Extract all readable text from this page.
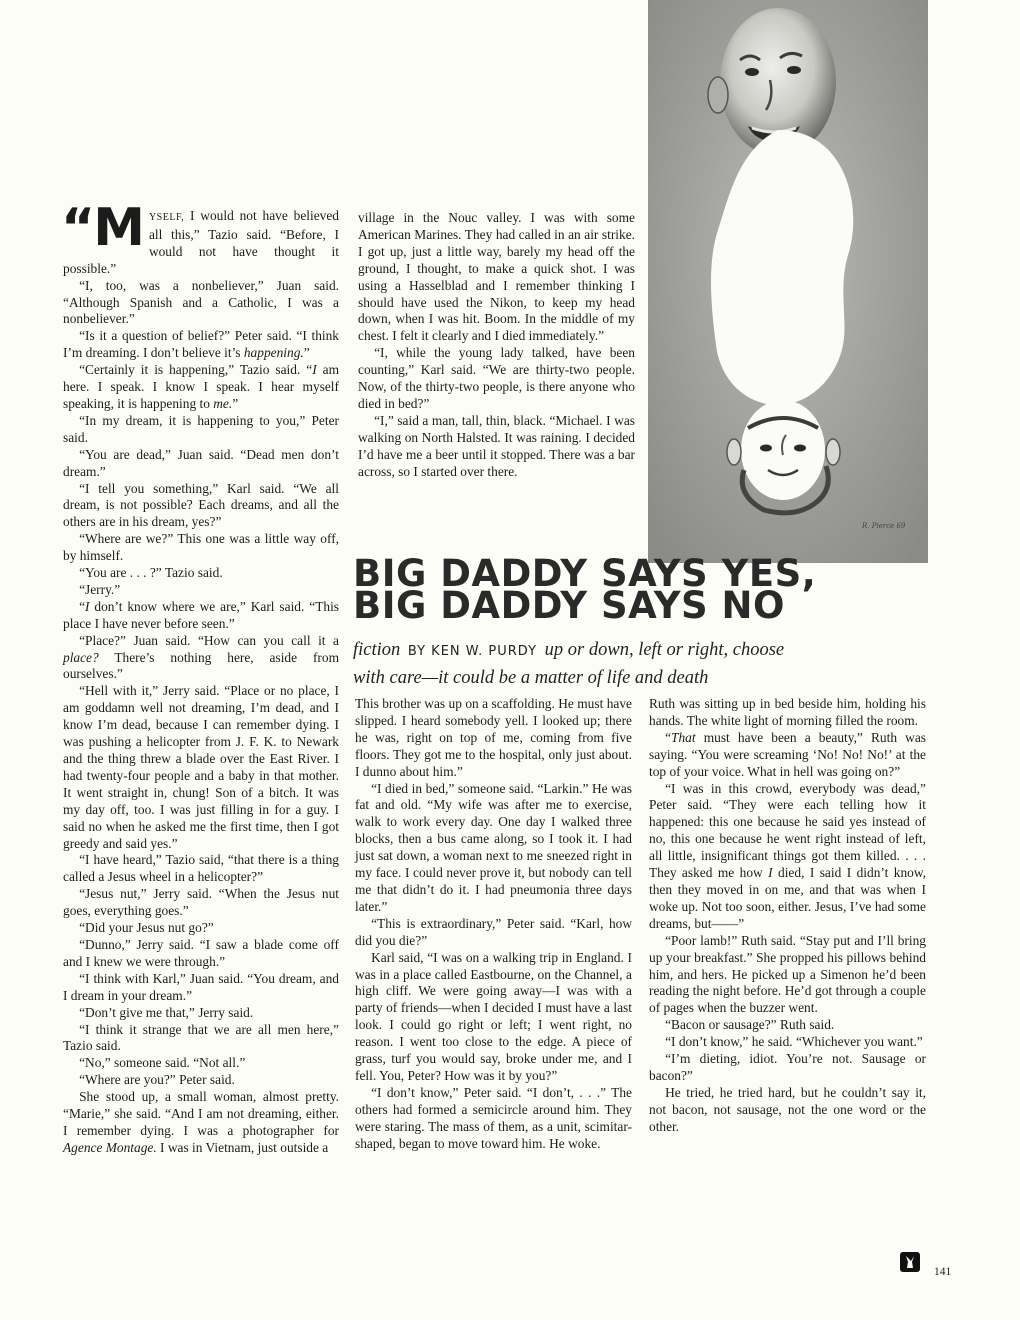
R. Pierce 69

“M YSELF, I would not have believed all this,” Tazio said. “Before, I would not have thought it possible.”

“I, too, was a nonbeliever,” Juan said. “Although Spanish and a Catholic, I was a nonbeliever.”

“Is it a question of belief?” Peter said. “I think I’m dreaming. I don’t believe it’s happening.”

“Certainly it is happening,” Tazio said. “I am here. I speak. I know I speak. I hear myself speaking, it is happening to me.”

“In my dream, it is happening to you,” Peter said.

“You are dead,” Juan said. “Dead men don’t dream.”

“I tell you something,” Karl said. “We all dream, is not possible? Each dreams, and all the others are in his dream, yes?”

“Where are we?” This one was a little way off, by himself.

“You are . . . ?” Tazio said.

“Jerry.”

“I don’t know where we are,” Karl said. “This place I have never before seen.”

“Place?” Juan said. “How can you call it a place? There’s nothing here, aside from ourselves.”

“Hell with it,” Jerry said. “Place or no place, I am goddamn well not dreaming, I’m dead, and I know I’m dead, because I can remember dying. I was pushing a helicopter from J. F. K. to Newark and the thing threw a blade over the East River. I had twenty-four people and a baby in that mother. It went straight in, chung! Son of a bitch. It was my day off, too. I was just filling in for a guy. I said no when he asked me the first time, then I got greedy and said yes.”

“I have heard,” Tazio said, “that there is a thing called a Jesus wheel in a helicopter?”

“Jesus nut,” Jerry said. “When the Jesus nut goes, everything goes.”

“Did your Jesus nut go?”

“Dunno,” Jerry said. “I saw a blade come off and I knew we were through.”

“I think with Karl,” Juan said. “You dream, and I dream in your dream.”

“Don’t give me that,” Jerry said.

“I think it strange that we are all men here,” Tazio said.

“No,” someone said. “Not all.”

“Where are you?” Peter said.

She stood up, a small woman, almost pretty. “Marie,” she said. “And I am not dreaming, either. I remember dying. I was a photographer for Agence Montage. I was in Vietnam, just outside a

village in the Nouc valley. I was with some American Marines. They had called in an air strike. I got up, just a little way, barely my head off the ground, I thought, to make a quick shot. I was using a Hasselblad and I remember thinking I should have used the Nikon, to keep my head down, when I was hit. Boom. In the middle of my chest. I felt it clearly and I died immediately.”

“I, while the young lady talked, have been counting,” Karl said. “We are thirty-two people. Now, of the thirty-two people, is there anyone who died in bed?”

“I,” said a man, tall, thin, black. “Michael. I was walking on North Halsted. It was raining. I decided I’d have me a beer until it stopped. There was a bar across, so I started over there.

BIG DADDY SAYS YES,
BIG DADDY SAYS NO
fiction BY KEN W. PURDY up or down, left or right, choose
with care—it could be a matter of life and death

This brother was up on a scaffolding. He must have slipped. I heard somebody yell. I looked up; there he was, right on top of me, coming from five floors. They got me to the hospital, only just about. I dunno about him.”

“I died in bed,” someone said. “Larkin.” He was fat and old. “My wife was after me to exercise, walk to work every day. One day I walked three blocks, then a bus came along, so I took it. I had just sat down, a woman next to me sneezed right in my face. I could never prove it, but nobody can tell me that didn’t do it. I had pneumonia three days later.”

“This is extraordinary,” Peter said. “Karl, how did you die?”

Karl said, “I was on a walking trip in England. I was in a place called Eastbourne, on the Channel, a high cliff. We were going away—I was with a party of friends—when I decided I must have a last look. I could go right or left; I went right, no reason. I went too close to the edge. A piece of grass, turf you would say, broke under me, and I fell. You, Peter? How was it by you?”

“I don’t know,” Peter said. “I don’t, . . .” The others had formed a semicircle around him. They were staring. The mass of them, as a unit, scimitar-shaped, began to move toward him. He woke.

Ruth was sitting up in bed beside him, holding his hands. The white light of morning filled the room.

“That must have been a beauty,” Ruth was saying. “You were screaming ‘No! No! No!’ at the top of your voice. What in hell was going on?”

“I was in this crowd, everybody was dead,” Peter said. “They were each telling how it happened: this one because he said yes instead of no, this one because he went right instead of left, all little, insignificant things got them killed. . . . They asked me how I died, I said I didn’t know, then they moved in on me, and that was when I woke up. Not too soon, either. Jesus, I’ve had some dreams, but——”

“Poor lamb!” Ruth said. “Stay put and I’ll bring up your breakfast.” She propped his pillows behind him, and hers. He picked up a Simenon he’d been reading the night before. He’d got through a couple of pages when the buzzer went.

“Bacon or sausage?” Ruth said.

“I don’t know,” he said. “Whichever you want.”

“I’m dieting, idiot. You’re not. Sausage or bacon?”

He tried, he tried hard, but he couldn’t say it, not bacon, not sausage, not the one word or the other.

141
